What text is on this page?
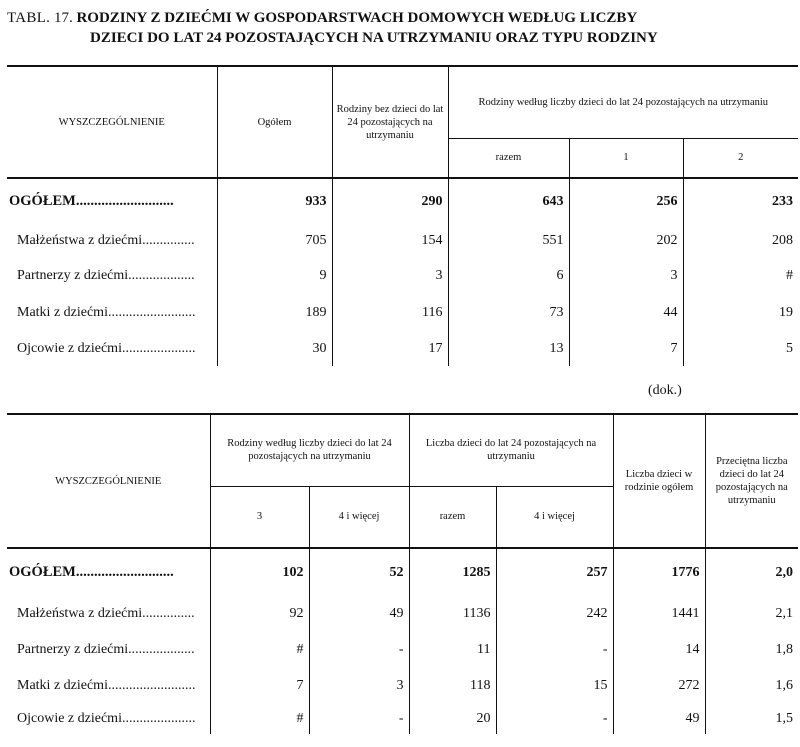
TABL. 17. RODZINY Z DZIEĆMI W GOSPODARSTWACH DOMOWYCH WEDŁUG LICZBY
DZIECI DO LAT 24 POZOSTAJĄCYCH NA UTRZYMANIU ORAZ TYPU RODZINY
WYSZCZEGÓLNIENIE	Ogółem	Rodziny bez dzieci do lat 24 pozostających na utrzymaniu	Rodziny według liczby dzieci do lat 24 pozostających na utrzymaniu		
			razem	1	2
OGÓŁEM...........................	933	290	643	256	233
Małżeństwa z dziećmi...............	705	154	551	202	208
Partnerzy z dziećmi...................	9	3	6	3	#
Matki z dziećmi.........................	189	116	73	44	19
Ojcowie z dziećmi.....................	30	17	13	7	5
(dok.)
WYSZCZEGÓLNIENIE	Rodziny według liczby dzieci do lat 24 pozostających na utrzymaniu		Liczba dzieci do lat 24 pozostających na utrzymaniu		Liczba dzieci w rodzinie ogółem	Przeciętna liczba dzieci do lat 24 pozostających na utrzymaniu
	3	4 i więcej	razem	4 i więcej		
OGÓŁEM...........................	102	52	1285	257	1776	2,0
Małżeństwa z dziećmi...............	92	49	1136	242	1441	2,1
Partnerzy z dziećmi...................	#	-	11	-	14	1,8
Matki z dziećmi.........................	7	3	118	15	272	1,6
Ojcowie z dziećmi.....................	#	-	20	-	49	1,5
